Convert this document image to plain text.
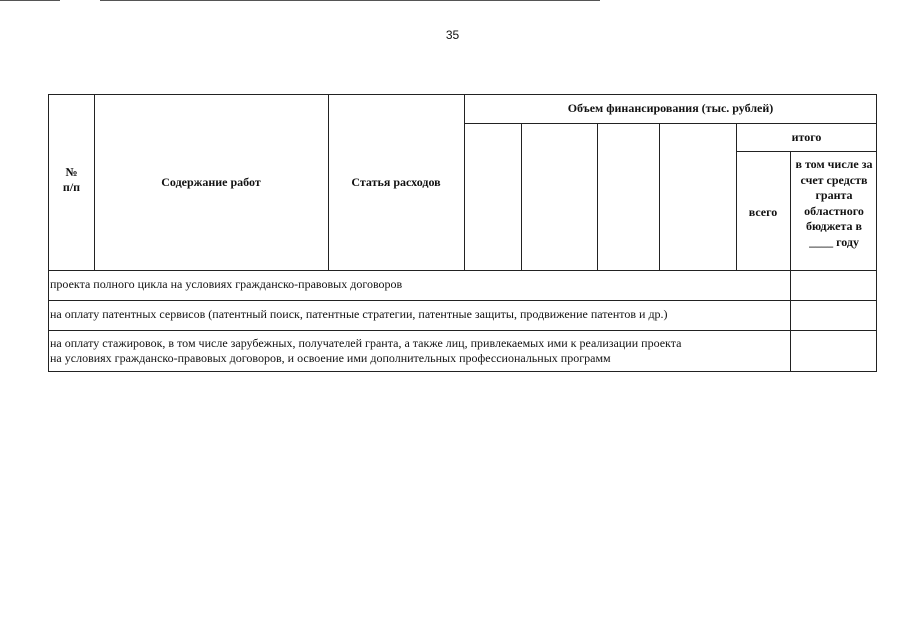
35
№
п/п	Содержание работ	Статья расходов
Объем финансирования (тыс. рублей)
итого
всего
в том числе за счет средств гранта областного бюджета в ____ году
проекта полного цикла на условиях гражданско-правовых договоров
на оплату патентных сервисов (патентный поиск, патентные стратегии, патентные защиты, продвижение патентов и др.)
на оплату стажировок, в том числе зарубежных, получателей гранта, а также лиц, привлекаемых ими к реализации проекта
на условиях гражданско-правовых договоров, и освоение ими дополнительных профессиональных программ
